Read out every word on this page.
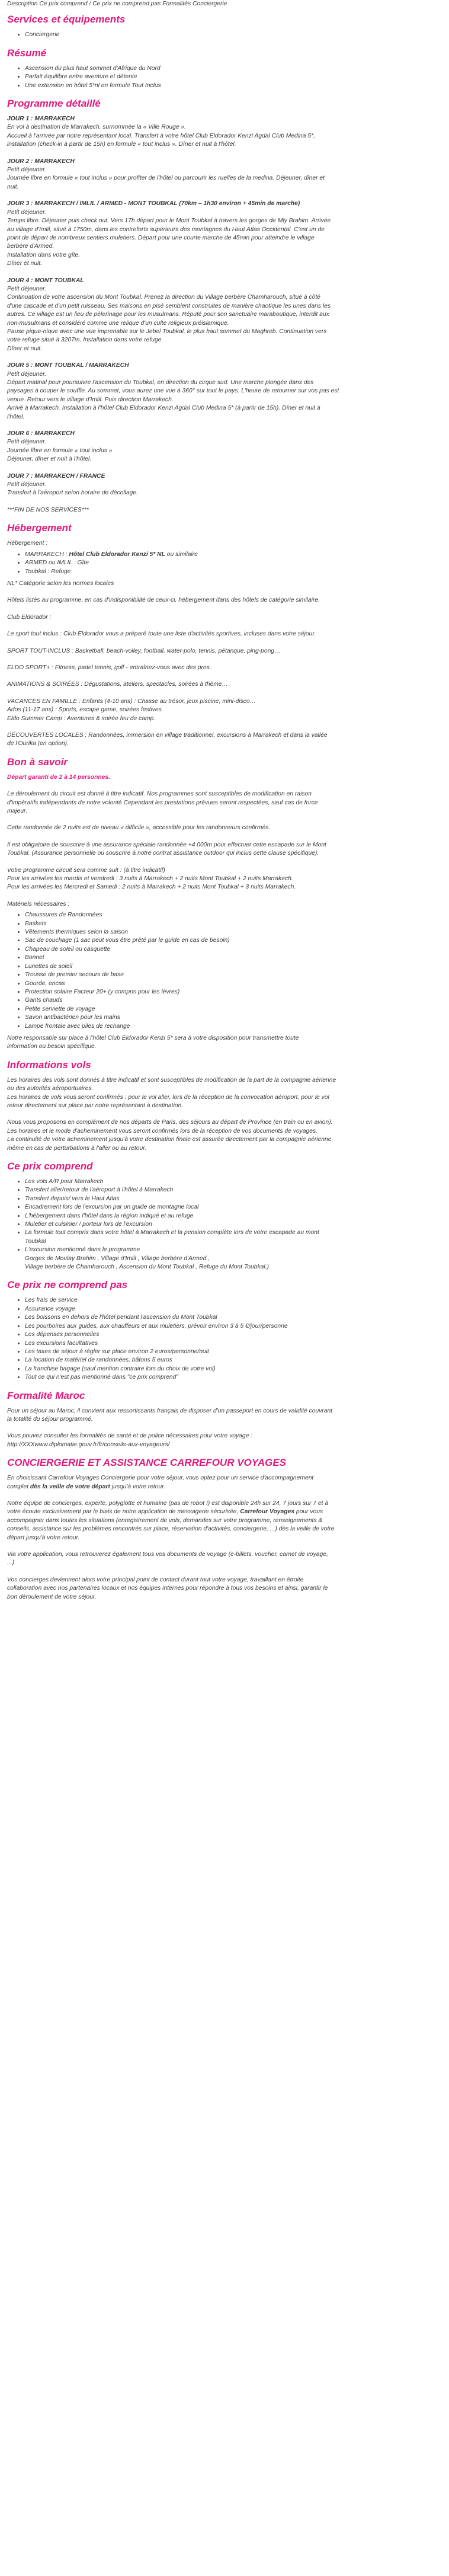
Description Ce prix comprend / Ce prix ne comprend pas Formalités Conciergerie
Services et équipements
• Conciergerie
Résumé
• Ascension du plus haut sommet d'Afrique du Nord
• Parfait équilibre entre aventure et détente
• Une extension en hôtel 5*nl en formule Tout Inclus
Programme détaillé
JOUR 1 : MARRAKECH
En vol à destination de Marrakech, surnommée la « Ville Rouge ».
Accueil à l'arrivée par notre représentant local. Transfert à votre hôtel Club Eldorador Kenzi Agdal Club Medina 5*,
installation (check-in à partir de 15h) en formule « tout inclus ». Dîner et nuit à l'hôtel.
JOUR 2 : MARRAKECH
Petit déjeuner.
Journée libre en formule « tout inclus » pour profiter de l'hôtel ou parcourir les ruelles de la medina. Déjeuner, dîner et
nuit.
JOUR 3 : MARRAKECH / IMLIL / ARMED - MONT TOUBKAL (70km – 1h30 environ + 45min de marche)
Petit déjeuner.
Temps libre. Déjeuner puis check out. Vers 17h départ pour le Mont Toubkal à travers les gorges de Mly Brahim. Arrivée
au village d'Imlil, situé à 1750m, dans les contreforts supérieurs des montagnes du Haut Atlas Occidental. C'est un de
point de départ de nombreux sentiers muletiers. Départ pour une courte marche de 45min pour atteindre le village
berbère d'Armed.
Installation dans votre gîte.
Dîner et nuit.
JOUR 4 : MONT TOUBKAL
Petit déjeuner.
Continuation de votre ascension du Mont Toubkal. Prenez la direction du Village berbère Chamharouch, situé à côté
d'une cascade et d'un petit ruisseau. Ses maisons en pisé semblent construites de manière chaotique les unes dans les
autres. Ce village est un lieu de pèlerinage pour les musulmans. Réputé pour son sanctuaire maraboutique, interdit aux
non-musulmans et considéré comme une relique d'un culte religieux préislamique.
Pause pique-nique avec une vue imprenable sur le Jebel Toubkal, le plus haut sommet du Maghreb. Continuation vers
votre refuge situé à 3207m. Installation dans votre refuge.
Dîner et nuit.
JOUR 5 : MONT TOUBKAL / MARRAKECH
Petit déjeuner.
Départ matinal pour poursuivre l'ascension du Toubkal, en direction du cirque sud. Une marche plongée dans des
paysages à couper le souffle. Au sommet, vous aurez une vue à 360° sur tout le pays. L'heure de retourner sur vos pas est
venue. Retour vers le village d'Imlil. Puis direction Marrakech.
Arrivé à Marrakech. Installation à l'hôtel Club Eldorador Kenzi Agdal Club Medina 5* (à partir de 15h). Dîner et nuit à
l'hôtel.
JOUR 6 : MARRAKECH
Petit déjeuner.
Journée libre en formule « tout inclus »
Déjeuner, dîner et nuit à l'hôtel.
JOUR 7 : MARRAKECH / FRANCE
Petit déjeuner.
Transfert à l'aéroport selon horaire de décollage.
***FIN DE NOS SERVICES***
Hébergement
Hébergement :
• MARRAKECH : Hôtel Club Eldorador Kenzi 5* NL ou similaire
• ARMED ou IMLIL : Gîte
• Toubkal : Refuge
NL* Catégorie selon les normes locales
Hôtels listés au programme, en cas d'indisponibilité de ceux-ci, hébergement dans des hôtels de catégorie similaire.
Club Eldorador :
Le sport tout inclus : Club Eldorador vous a préparé toute une liste d'activités sportives, incluses dans votre séjour.
SPORT TOUT-INCLUS : Basketball, beach-volley, football, water-polo, tennis, pétanque, ping-pong…
ELDO SPORT+ : Fitness, padel tennis, golf - entraînez-vous avec des pros.
ANIMATIONS & SOIRÉES : Dégustations, ateliers, spectacles, soirées à thème…
VACANCES EN FAMILLE : Enfants (4-10 ans) : Chasse au trésor, jeux piscine, mini-disco…
Ados (11-17 ans) : Sports, escape game, soirées festives.
Eldo Summer Camp : Aventures & soirée feu de camp.
DÉCOUVERTES LOCALES : Randonnées, immersion en village traditionnel, excursions à Marrakech et dans la vallée
de l'Ourika (en option).
Bon à savoir
Départ garanti de 2 à 14 personnes.
Le déroulement du circuit est donné à titre indicatif. Nos programmes sont susceptibles de modification en raison
d'impératifs indépendants de notre volonté Cependant les prestations prévues seront respectées, sauf cas de force
majeur.
Cette randonnée de 2 nuits est de niveau « difficile », accessible pour les randonneurs confirmés.
Il est obligatoire de souscrire à une assurance spéciale randonnée +4 000m pour effectuer cette escapade sur le Mont
Toubkal. (Assurance personnelle ou souscrire à notre contrat assistance outdoor qui inclus cette clause spécifique).
Votre programme circuit sera comme suit : (à titre indicatif)
Pour les arrivées les mardis et vendredi : 3 nuits à Marrakech + 2 nuits Mont Toubkal + 2 nuits Marrakech.
Pour les arrivées les Mercredi et Samedi : 2 nuits à Marrakech + 2 nuits Mont Toubkal + 3 nuits Marrakech.
Matériels nécessaires :
• Chaussures de Randonnées
• Baskets
• Vêtements thermiques selon la saison
• Sac de couchage (1 sac peut vous être prêté par le guide en cas de besoin)
• Chapeau de soleil ou casquette
• Bonnet
• Lunettes de soleil
• Trousse de premier secours de base
• Gourde, encas
• Protection solaire Facteur 20+ (y compris pour les lèvres)
• Gants chauds
• Petite serviette de voyage
• Savon antibactérien pour les mains
• Lampe frontale avec piles de rechange
Notre responsable sur place à l'hôtel Club Eldorador Kenzi 5* sera à votre disposition pour transmettre toute
information ou besoin spécifique.
Informations vols
Les horaires des vols sont donnés à titre indicatif et sont susceptibles de modification de la part de la compagnie aérienne
ou des autorités aéroportuaires.
Les horaires de vols vous seront confirmés : pour le vol aller, lors de la réception de la convocation aéroport, pour le vol
retour directement sur place par notre représentant à destination.
Nous vous proposons en complément de nos départs de Paris, des séjours au départ de Province (en train ou en avion).
Les horaires et le mode d'acheminement vous seront confirmés lors de la réception de vos documents de voyages.
La continuité de votre acheminement jusqu'à votre destination finale est assurée directement par la compagnie aérienne,
même en cas de perturbations à l'aller ou au retour.
Ce prix comprend
• Les vols A/R pour Marrakech
• Transfert aller/retour de l'aéroport à l'hôtel à Marrakech
• Transfert depuis/ vers le Haut Atlas
• Encadrement lors de l'excursion par un guide de montagne local
• L'hébergement dans l'hôtel dans la région indiqué et au refuge
• Muletier et cuisinier / porteur lors de l'excursion
• La formule tout compris dans votre hôtel à Marrakech et la pension complète lors de votre escapade au mont
Toubkal
• L'excursion mentionné dans le programme
Gorges de Moulay Brahim , Village d'Imlil , Village berbère d'Armed ,
Village berbère de Chamharouch , Ascension du Mont Toubkal , Refuge du Mont Toubkal.)
Ce prix ne comprend pas
• Les frais de service
• Assurance voyage
• Les boissons en dehors de l'hôtel pendant l'ascension du Mont Toubkal
• Les pourboires aux guides, aux chauffeurs et aux muletiers, prévoir environ 3 à 5 €/jour/personne
• Les dépenses personnelles
• Les excursions facultatives
• Les taxes de séjour à régler sur place environ 2 euros/personne/nuit
• La location de matériel de randonnées, bâtons 5 euros
• La franchise bagage (sauf mention contraire lors du choix de votre vol)
• Tout ce qui n'est pas mentionné dans "ce prix comprend"
Formalité Maroc
Pour un séjour au Maroc, il convient aux ressortissants français de disposer d'un passeport en cours de validité couvrant
la totalité du séjour programmé.
Vous pouvez consulter les formalités de santé et de police nécessaires pour votre voyage :
http://XXXwww.diplomatie.gouv.fr/fr/conseils-aux-voyageurs/
CONCIERGERIE ET ASSISTANCE CARREFOUR VOYAGES
En choisissant Carrefour Voyages Conciergerie pour votre séjour, vous optez pour un service d'accompagnement
complet dès la veille de votre départ jusqu'à votre retour.
Notre équipe de concierges, experte, polyglotte et humaine (pas de robot !) est disponible 24h sur 24, 7 jours sur 7 et à
votre écoute exclusivement par le biais de notre application de messagerie sécurisée, Carrefour Voyages pour vous
accompagner dans toutes les situations (enregistrement de vols, demandes sur votre programme, renseignements &
conseils, assistance sur les problèmes rencontrés sur place, réservation d'activités, conciergerie, ...) dès la veille de votre
départ jusqu'à votre retour.
Via votre application, vous retrouverez également tous vos documents de voyage (e-billets, voucher, carnet de voyage,
...)
Vos concierges deviennent alors votre principal point de contact durant tout votre voyage, travaillant en étroite
collaboration avec nos partenaires locaux et nos équipes internes pour répondre à tous vos besoins et ainsi, garantir le
bon déroulement de votre séjour.
